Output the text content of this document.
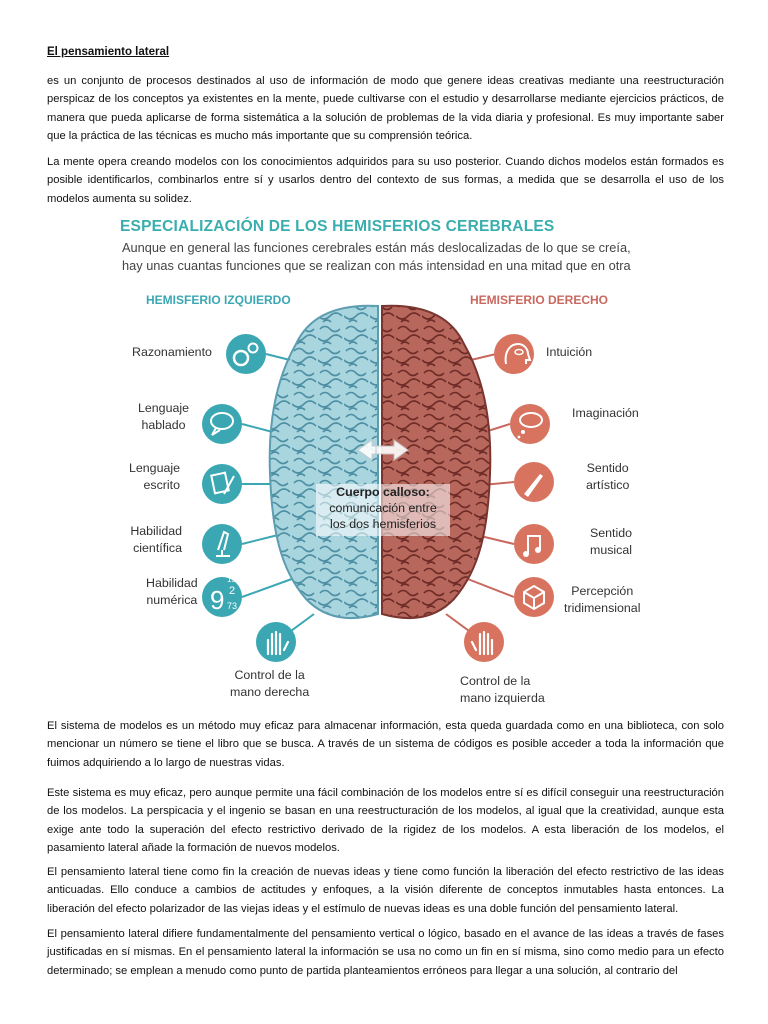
El pensamiento lateral
es un conjunto de procesos destinados al uso de información de modo que genere ideas creativas mediante una reestructuración perspicaz de los conceptos ya existentes en la mente, puede cultivarse con el estudio y desarrollarse mediante ejercicios prácticos, de manera que pueda aplicarse de forma sistemática a la solución de problemas de la vida diaria y profesional. Es muy importante saber que la práctica de las técnicas es mucho más importante que su comprensión teórica.
La mente opera creando modelos con los conocimientos adquiridos para su uso posterior. Cuando dichos modelos están formados es posible identificarlos, combinarlos entre sí y usarlos dentro del contexto de sus formas, a medida que se desarrolla el uso de los modelos aumenta su solidez.
9
15
2
73
ESPECIALIZACIÓN DE LOS HEMISFERIOS CEREBRALES
Aunque en general las funciones cerebrales están más deslocalizadas de lo que se creía,
hay unas cuantas funciones que se realizan con más intensidad en una mitad que en otra
HEMISFERIO IZQUIERDO	HEMISFERIO DERECHO
Razonamiento
Lenguaje
hablado
Lenguaje
escrito
Habilidad
científica
Habilidad
numérica
Control de la
mano derecha
Intuición
Imaginación
Sentido
artístico
Sentido
musical
Percepción
tridimensional
Control de la
mano izquierda
Cuerpo calloso:
comunicación entre
los dos hemisferios
El sistema de modelos es un método muy eficaz para almacenar información, esta queda guardada como en una biblioteca, con solo mencionar un número se tiene el libro que se busca. A través de un sistema de códigos es posible acceder a toda la información que fuimos adquiriendo a lo largo de nuestras vidas.
Este sistema es muy eficaz, pero aunque permite una fácil combinación de los modelos entre sí es difícil conseguir una reestructuración de los modelos. La perspicacia y el ingenio se basan en una reestructuración de los modelos, al igual que la creatividad, aunque esta exige ante todo la superación del efecto restrictivo derivado de la rigidez de los modelos. A esta liberación de los modelos, el pasamiento lateral añade la formación de nuevos modelos.
El pensamiento lateral tiene como fin la creación de nuevas ideas y tiene como función la liberación del efecto restrictivo de las ideas anticuadas. Ello conduce a cambios de actitudes y enfoques, a la visión diferente de conceptos inmutables hasta entonces. La liberación del efecto polarizador de las viejas ideas y el estímulo de nuevas ideas es una doble función del pensamiento lateral.
El pensamiento lateral difiere fundamentalmente del pensamiento vertical o lógico, basado en el avance de las ideas a través de fases justificadas en sí mismas. En el pensamiento lateral la información se usa no como un fin en sí misma, sino como medio para un efecto determinado; se emplean a menudo como punto de partida planteamientos erróneos para llegar a una solución, al contrario del
